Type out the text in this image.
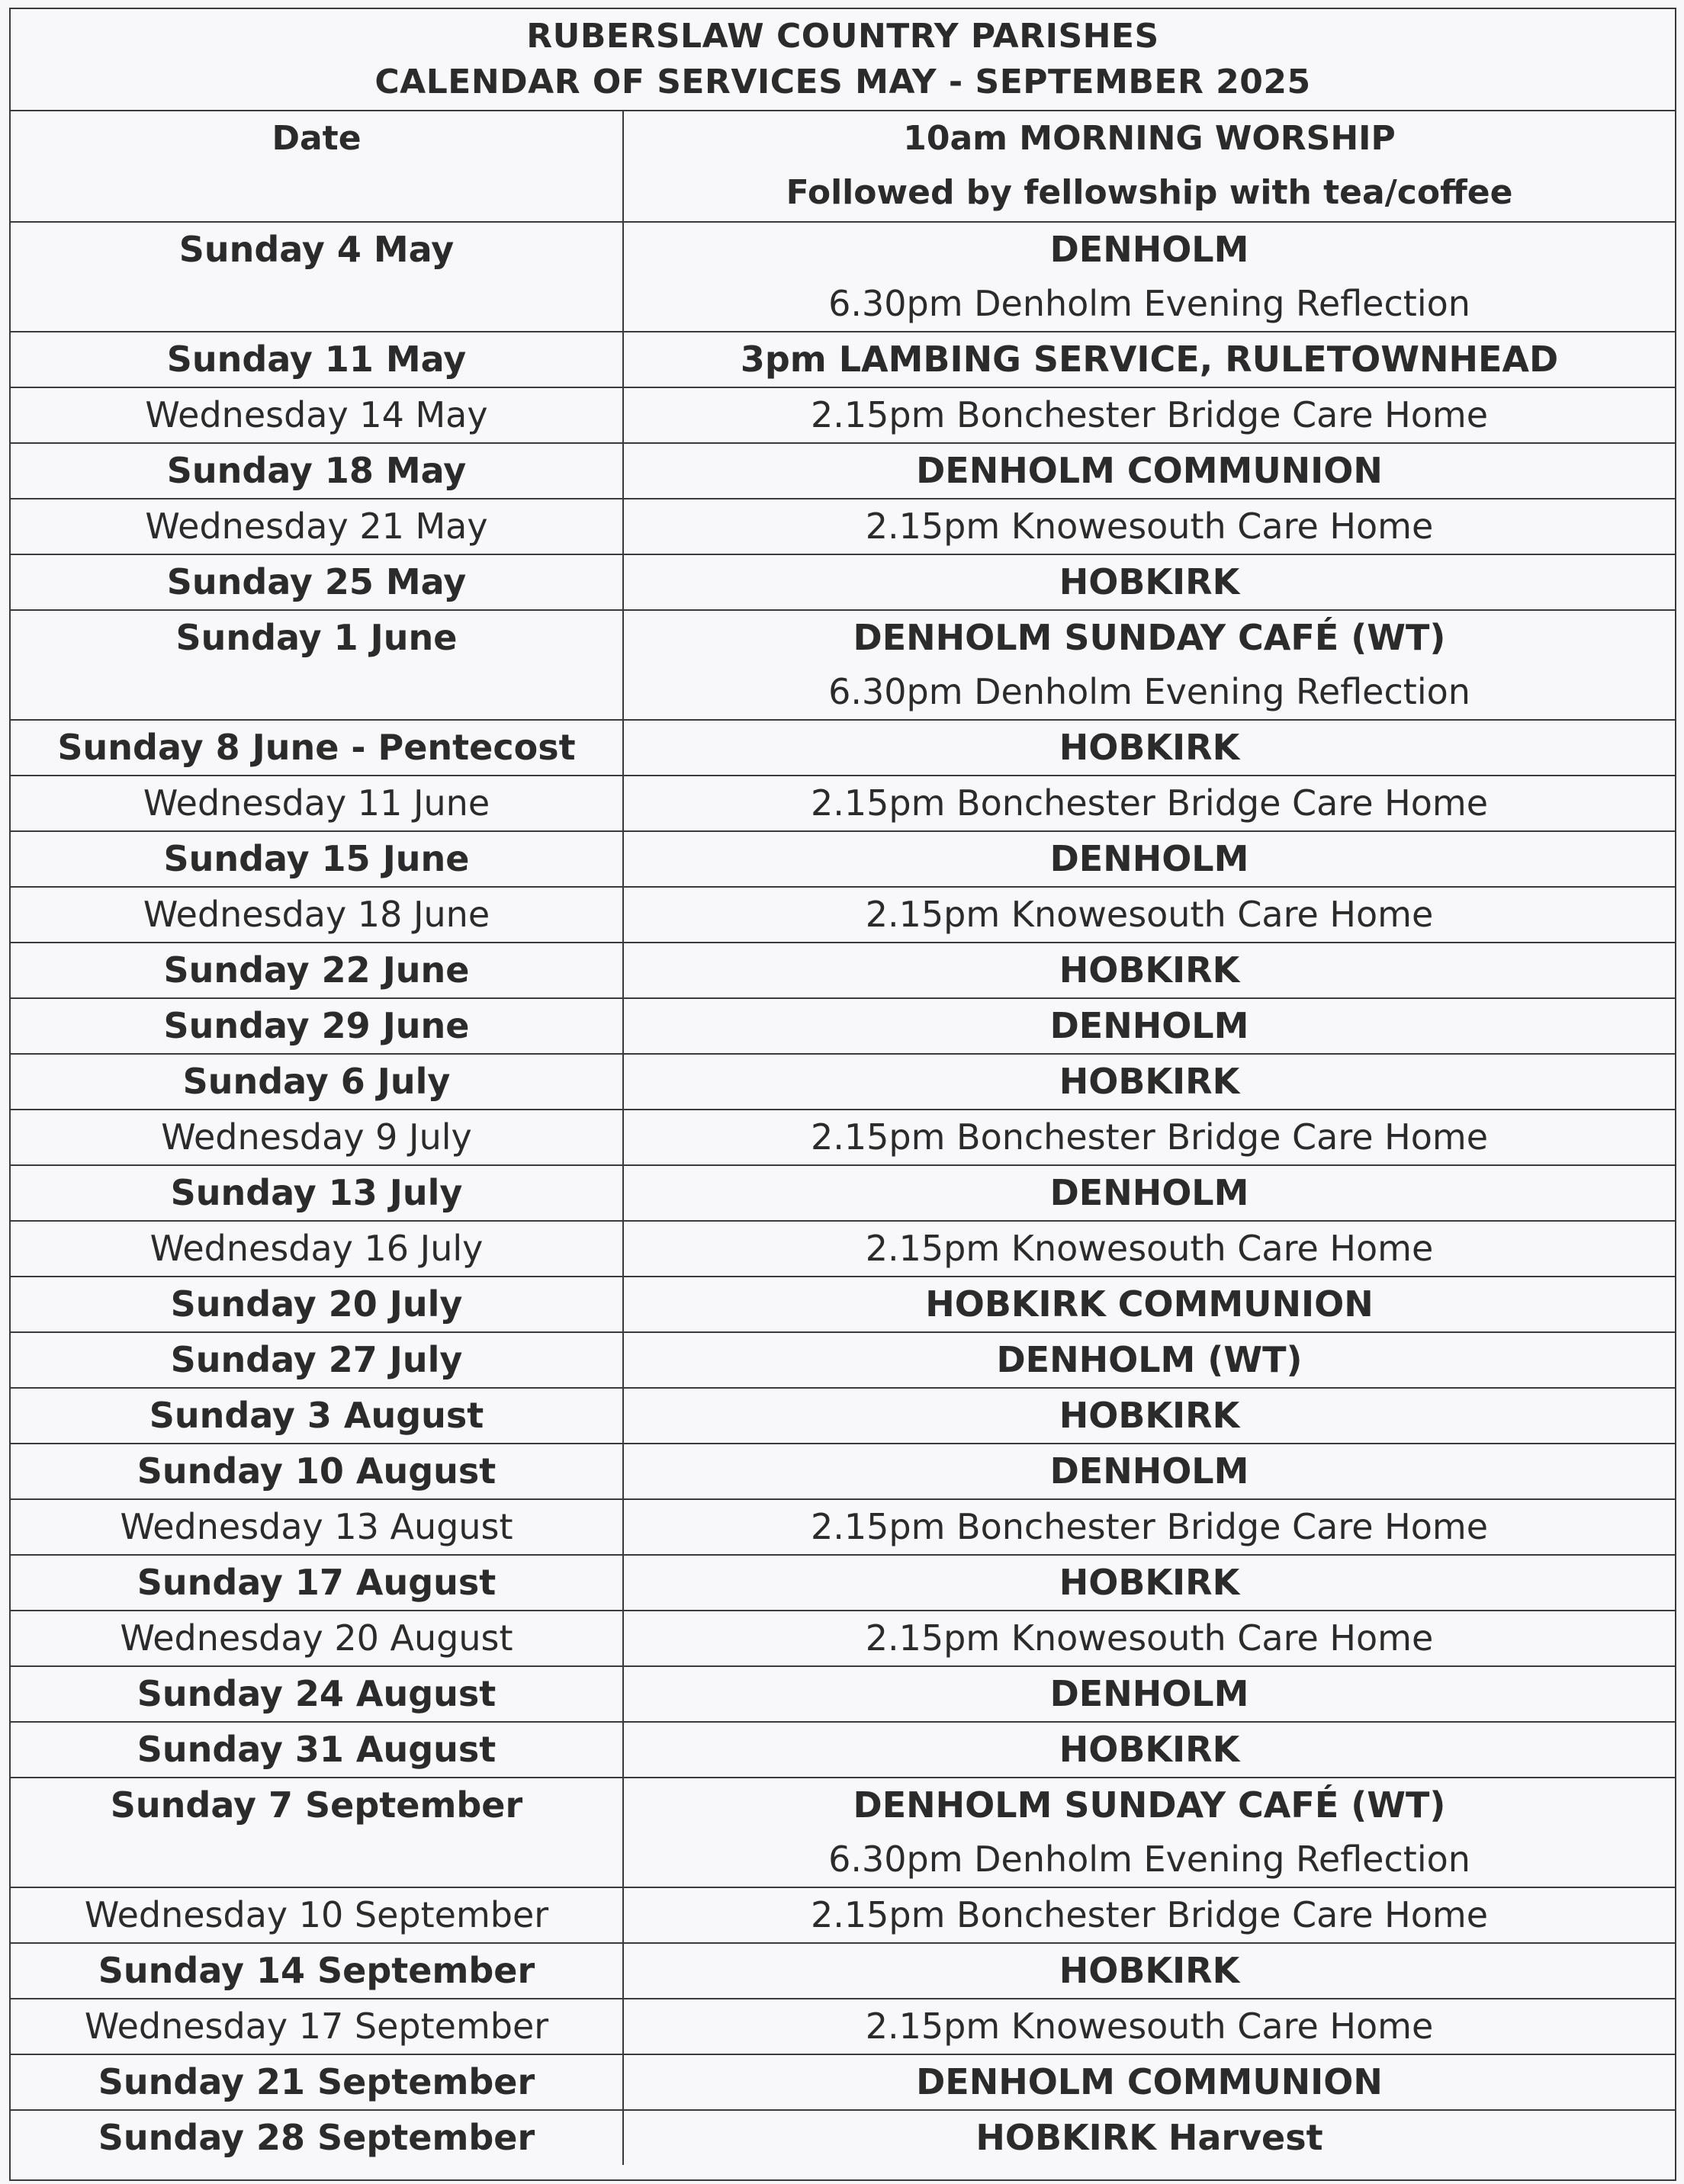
RUBERSLAW COUNTRY PARISHES
CALENDAR OF SERVICES MAY - SEPTEMBER 2025
Date	10am MORNING WORSHIP
Followed by fellowship with tea/coffee

Sunday 4 May	DENHOLM
6.30pm Denholm Evening Reflection

Sunday 11 May	3pm LAMBING SERVICE, RULETOWNHEAD

Wednesday 14 May	2.15pm Bonchester Bridge Care Home

Sunday 18 May	DENHOLM COMMUNION

Wednesday 21 May	2.15pm Knowesouth Care Home

Sunday 25 May	HOBKIRK

Sunday 1 June	DENHOLM SUNDAY CAFÉ (WT)
6.30pm Denholm Evening Reflection

Sunday 8 June - Pentecost	HOBKIRK

Wednesday 11 June	2.15pm Bonchester Bridge Care Home

Sunday 15 June	DENHOLM

Wednesday 18 June	2.15pm Knowesouth Care Home

Sunday 22 June	HOBKIRK

Sunday 29 June	DENHOLM

Sunday 6 July	HOBKIRK

Wednesday 9 July	2.15pm Bonchester Bridge Care Home

Sunday 13 July	DENHOLM

Wednesday 16 July	2.15pm Knowesouth Care Home

Sunday 20 July	HOBKIRK COMMUNION

Sunday 27 July	DENHOLM (WT)

Sunday 3 August	HOBKIRK

Sunday 10 August	DENHOLM

Wednesday 13 August	2.15pm Bonchester Bridge Care Home

Sunday 17 August	HOBKIRK

Wednesday 20 August	2.15pm Knowesouth Care Home

Sunday 24 August	DENHOLM

Sunday 31 August	HOBKIRK

Sunday 7 September	DENHOLM SUNDAY CAFÉ (WT)
6.30pm Denholm Evening Reflection

Wednesday 10 September	2.15pm Bonchester Bridge Care Home

Sunday 14 September	HOBKIRK

Wednesday 17 September	2.15pm Knowesouth Care Home

Sunday 21 September	DENHOLM COMMUNION

Sunday 28 September	HOBKIRK Harvest
